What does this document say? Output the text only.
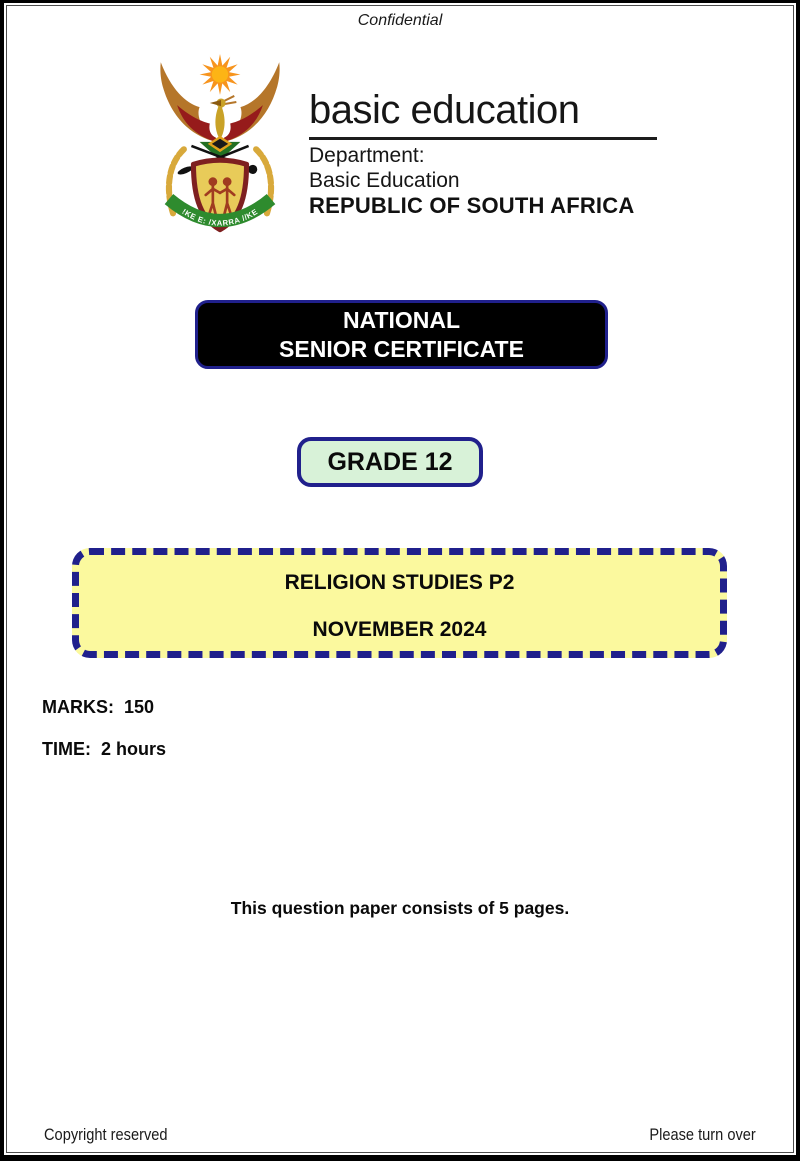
Confidential
!KE E: /XARRA //KE
basic education
Department:
Basic Education
REPUBLIC OF SOUTH AFRICA
NATIONAL
SENIOR CERTIFICATE
GRADE 12
RELIGION STUDIES P2
NOVEMBER 2024
MARKS: 150
TIME: 2 hours
This question paper consists of 5 pages.
Copyright reserved	Please turn over
